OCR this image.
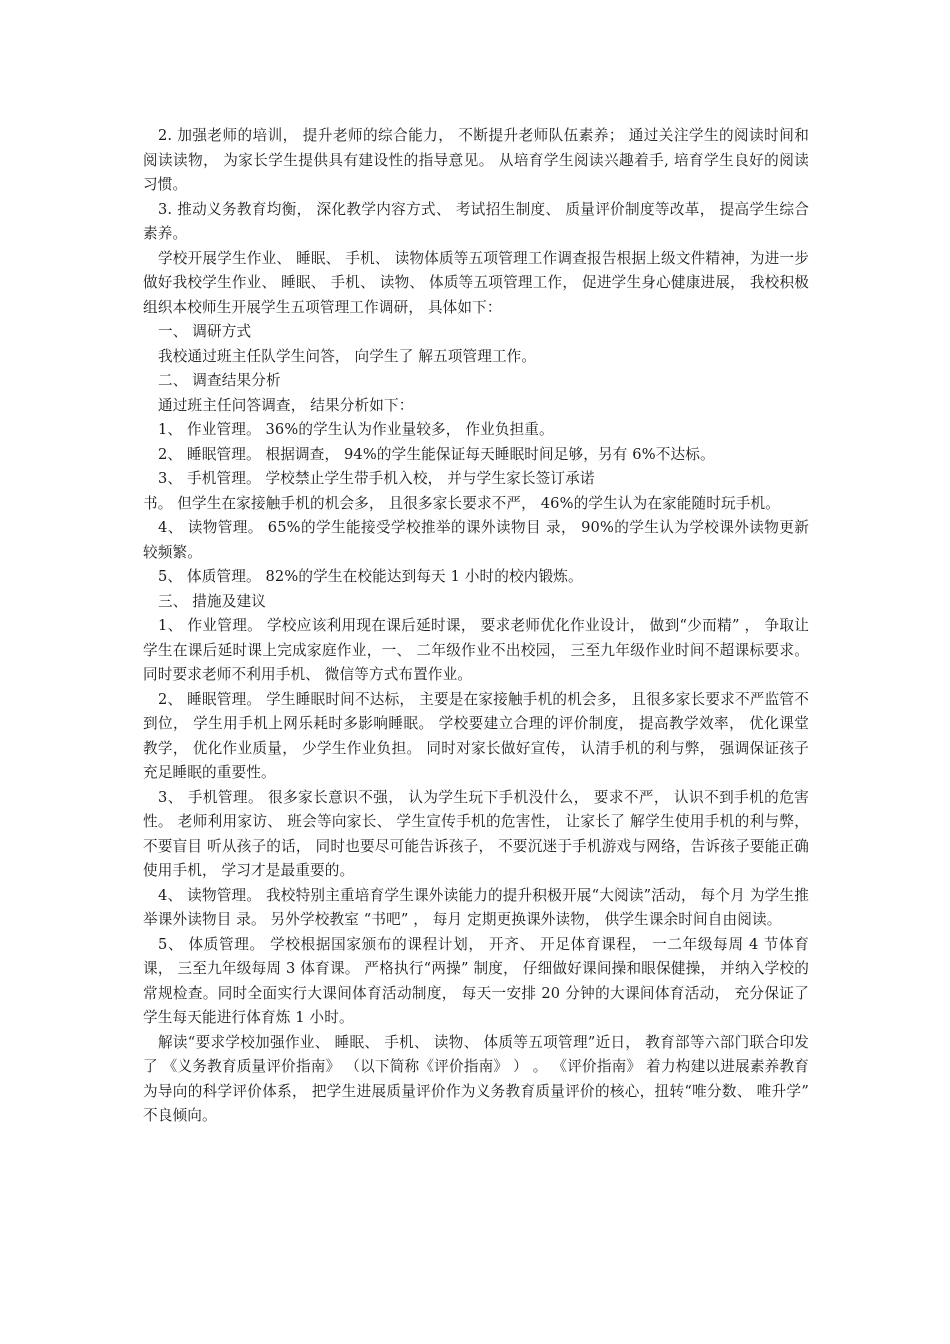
2. 加强老师的培训， 提升老师的综合能力， 不断提升老师队伍素养； 通过关注学生的阅读时间和阅读读物， 为家长学生提供具有建设性的指导意见。 从培育学生阅读兴趣着手, 培育学生良好的阅读习惯。

3. 推动义务教育均衡， 深化教学内容方式、 考试招生制度、 质量评价制度等改革， 提高学生综合素养。

学校开展学生作业、 睡眠、 手机、 读物体质等五项管理工作调查报告根据上级文件精神，为进一步做好我校学生作业、 睡眠、 手机、 读物、 体质等五项管理工作， 促进学生身心健康进展， 我校积极组织本校师生开展学生五项管理工作调研， 具体如下：

一、 调研方式

我校通过班主任队学生问答， 向学生了 解五项管理工作。

二、 调查结果分析

通过班主任问答调查， 结果分析如下：

1、 作业管理。 36%的学生认为作业量较多， 作业负担重。

2、 睡眠管理。 根据调查， 94%的学生能保证每天睡眠时间足够，另有 6%不达标。

3、 手机管理。 学校禁止学生带手机入校， 并与学生家长签订承诺

书。 但学生在家接触手机的机会多， 且很多家长要求不严， 46%的学生认为在家能随时玩手机。

4、 读物管理。 65%的学生能接受学校推举的课外读物目 录， 90%的学生认为学校课外读物更新较频繁。

5、 体质管理。 82%的学生在校能达到每天 1 小时的校内锻炼。

三、 措施及建议

1、 作业管理。 学校应该利用现在课后延时课， 要求老师优化作业设计， 做到“少而精” ， 争取让学生在课后延时课上完成家庭作业，一、 二年级作业不出校园， 三至九年级作业时间不超课标要求。 同时要求老师不利用手机、 微信等方式布置作业。

2、 睡眠管理。 学生睡眠时间不达标， 主要是在家接触手机的机会多， 且很多家长要求不严监管不到位， 学生用手机上网乐耗时多影响睡眠。 学校要建立合理的评价制度， 提高教学效率， 优化课堂教学， 优化作业质量， 少学生作业负担。 同时对家长做好宣传， 认清手机的利与弊， 强调保证孩子充足睡眠的重要性。

3、 手机管理。 很多家长意识不强， 认为学生玩下手机没什么， 要求不严， 认识不到手机的危害性。 老师利用家访、 班会等向家长、 学生宣传手机的危害性， 让家长了 解学生使用手机的利与弊， 不要盲目 听从孩子的话， 同时也要尽可能告诉孩子， 不要沉迷于手机游戏与网络，告诉孩子要能正确使用手机， 学习才是最重要的。

4、 读物管理。 我校特别主重培育学生课外读能力的提升积极开展“大阅读”活动， 每个月 为学生推举课外读物目 录。 另外学校教室 “书吧” ， 每月 定期更换课外读物， 供学生课余时间自由阅读。

5、 体质管理。 学校根据国家颁布的课程计划， 开齐、 开足体育课程， 一二年级每周 4 节体育课， 三至九年级每周 3 体育课。 严格执行“两操” 制度， 仔细做好课间操和眼保健操， 并纳入学校的常规检查。同时全面实行大课间体育活动制度， 每天一安排 20 分钟的大课间体育活动， 充分保证了 学生每天能进行体育炼 1 小时。

解读“要求学校加强作业、 睡眠、 手机、 读物、 体质等五项管理”近日， 教育部等六部门联合印发了 《义务教育质量评价指南》 （以下简称《评价指南》 ） 。 《评价指南》 着力构建以进展素养教育为导向的科学评价体系， 把学生进展质量评价作为义务教育质量评价的核心，扭转“唯分数、 唯升学” 不良倾向。
